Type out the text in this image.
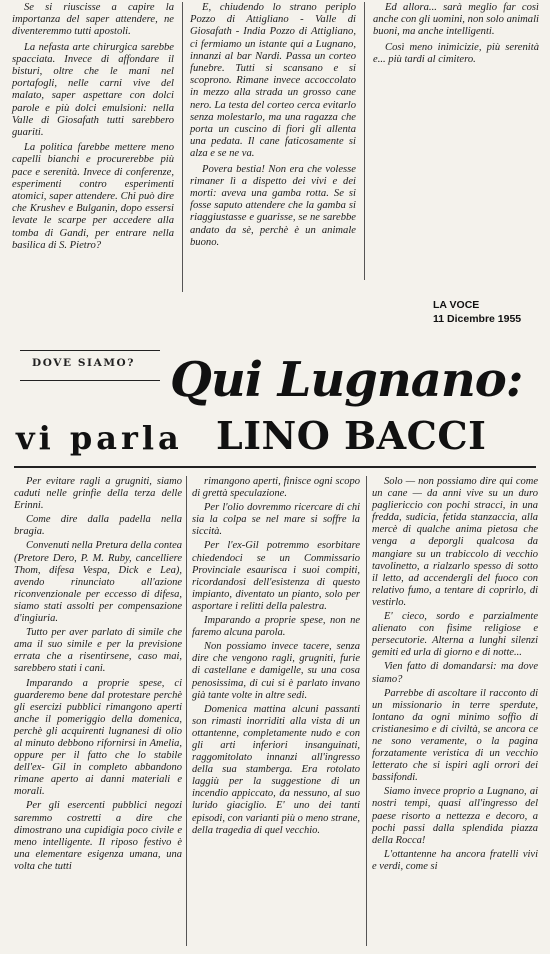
Se si riuscisse a capire la importanza del saper attendere, ne diventeremmo tutti apostoli.

La nefasta arte chirurgica sarebbe spacciata. Invece di affondare il bisturi, oltre che le mani nel portafogli, nelle carni vive del malato, saper aspettare con dolci parole e più dolci emulsioni: nella Valle di Giosafath tutti sarebbero guariti.

La politica farebbe mettere meno capelli bianchi e procurerebbe più pace e serenità. Invece di conferenze, esperimenti contro esperimenti atomici, saper attendere. Chi può dire che Krushev e Bulganin, dopo essersi levate le scarpe per accedere alla tomba di Gandi, per entrare nella basilica di S. Pietro?

E, chiudendo lo strano periplo Pozzo di Attigliano - Valle di Giosafath - India Pozzo di Attigliano, ci fermiamo un istante qui a Lugnano, innanzi al bar Nardi. Passa un corteo funebre. Tutti si scansano e si scoprono. Rimane invece accoccolato in mezzo alla strada un grosso cane nero. La testa del corteo cerca evitarlo senza molestarlo, ma una ragazza che porta un cuscino di fiori gli allenta una pedata. Il cane faticosamente si alza e se ne va.

Povera bestia! Non era che volesse rimaner lì a dispetto dei vivi e dei morti: aveva una gamba rotta. Se si fosse saputo attendere che la gamba si riaggiustasse e guarisse, se ne sarebbe andato da sè, perchè è un animale buono.

Ed allora... sarà meglio far così anche con gli uomini, non solo animali buoni, ma anche intelligenti.

Così meno inimicizie, più serenità e... più tardi al cimitero.

LA VOCE
11 Dicembre 1955
DOVE SIAMO? Qui Lugnano:
vi parla LINO BACCI

Per evitare ragli a grugniti, siamo caduti nelle grinfie della terza delle Erinni.

Come dire dalla padella nella bragia.

Convenuti nella Pretura della contea (Pretore Dero, P. M. Ruby, cancelliere Thom, difesa Vespa, Dick e Lea), avendo rinunciato all'azione riconvenzionale per eccesso di difesa, siamo stati assolti per compensazione d'ingiuria.

Tutto per aver parlato di simile che ama il suo simile e per la previsione errata che a risentirsene, caso mai, sarebbero stati i cani.

Imparando a proprie spese, ci guarderemo bene dal protestare perchè gli esercizi pubblici rimangono aperti anche il pomeriggio della domenica, perchè gli acquirenti lugnanesi di olio al minuto debbono rifornirsi in Amelia, oppure per il fatto che lo stabile dell'ex- Gil in completo abbandono rimane aperto ai danni materiali e morali.

Per gli esercenti pubblici negozi saremmo costretti a dire che dimostrano una cupidigia poco civile e meno intelligente. Il riposo festivo è una elementare esigenza umana, una volta che tutti

rimangono aperti, finisce ogni scopo di grettà speculazione.

Per l'olio dovremmo ricercare di chi sia la colpa se nel mare si soffre la siccità.

Per l'ex-Gil potremmo esorbitare chiedendoci se un Commissario Provinciale esaurisca i suoi compiti, ricordandosi dell'esistenza di questo impianto, diventato un pianto, solo per asportare i relitti della palestra.

Imparando a proprie spese, non ne faremo alcuna parola.

Non possiamo invece tacere, senza dire che vengono ragli, grugniti, furie di castellane e damigelle, su una cosa penosissima, di cui si è parlato invano già tante volte in altre sedi.

Domenica mattina alcuni passanti son rimasti inorriditi alla vista di un ottantenne, completamente nudo e con gli arti inferiori insanguinati, raggomitolato innanzi all'ingresso della sua stamberga. Era rotolato laggiù per la suggestione di un incendio appiccato, da nessuno, al suo lurido giaciglio. E' uno dei tanti episodi, con varianti più o meno strane, della tragedia di quel vecchio.

Solo — non possiamo dire qui come un cane — da anni vive su un duro pagliericcio con pochi stracci, in una fredda, sudicia, fetida stanzaccia, alla mercè di qualche anima pietosa che venga a deporgli qualcosa da mangiare su un trabiccolo di vecchio tavolinetto, a rialzarlo spesso di sotto il letto, ad accendergli del fuoco con relativo fumo, a tentare di coprirlo, di vestirlo.

E' cieco, sordo e parzialmente alienato con fisime religiose e persecutorie. Alterna a lunghi silenzi gemiti ed urla di giorno e di notte...

Vien fatto di domandarsi: ma dove siamo?

Parrebbe di ascoltare il racconto di un missionario in terre sperdute, lontano da ogni minimo soffio di cristianesimo e di civiltà, se ancora ce ne sono veramente, o la pagina forzatamente veristica di un vecchio letterato che si ispiri agli orrori dei bassifondi.

Siamo invece proprio a Lugnano, ai nostri tempi, quasi all'ingresso del paese risorto a nettezza e decoro, a pochi passi dalla splendida piazza della Rocca!

L'ottantenne ha ancora fratelli vivi e verdi, come si
